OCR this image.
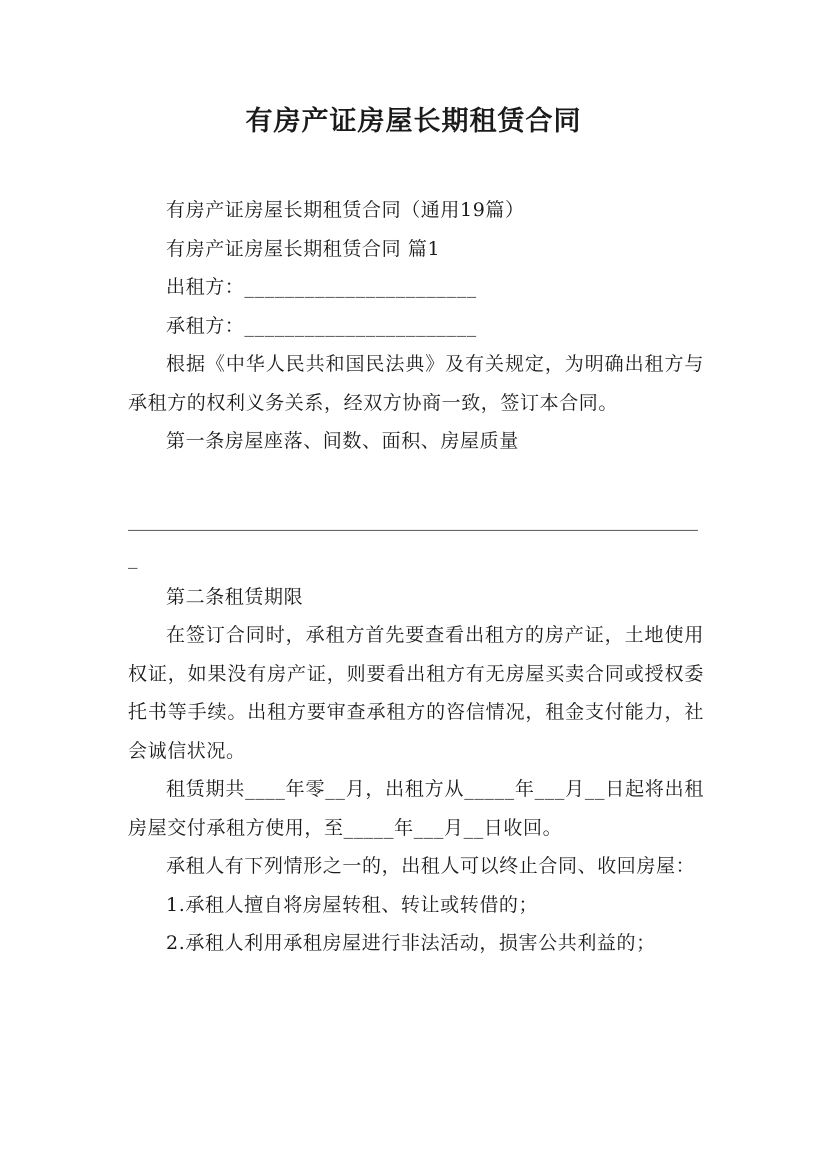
有房产证房屋长期租赁合同

有房产证房屋长期租赁合同（通用19篇）

有房产证房屋长期租赁合同 篇1

出租方：_______________________

承租方：_______________________

根据《中华人民共和国民法典》及有关规定，为明确出租方与承租方的权利义务关系，经双方协商一致，签订本合同。

第一条房屋座落、间数、面积、房屋质量

____________________________________________________________

_

第二条租赁期限

在签订合同时，承租方首先要查看出租方的房产证，土地使用权证，如果没有房产证，则要看出租方有无房屋买卖合同或授权委托书等手续。出租方要审查承租方的咨信情况，租金支付能力，社会诚信状况。

租赁期共____年零__月，出租方从_____年___月__日起将出租房屋交付承租方使用，至_____年___月__日收回。

承租人有下列情形之一的，出租人可以终止合同、收回房屋：

1.承租人擅自将房屋转租、转让或转借的；

2.承租人利用承租房屋进行非法活动，损害公共利益的；
